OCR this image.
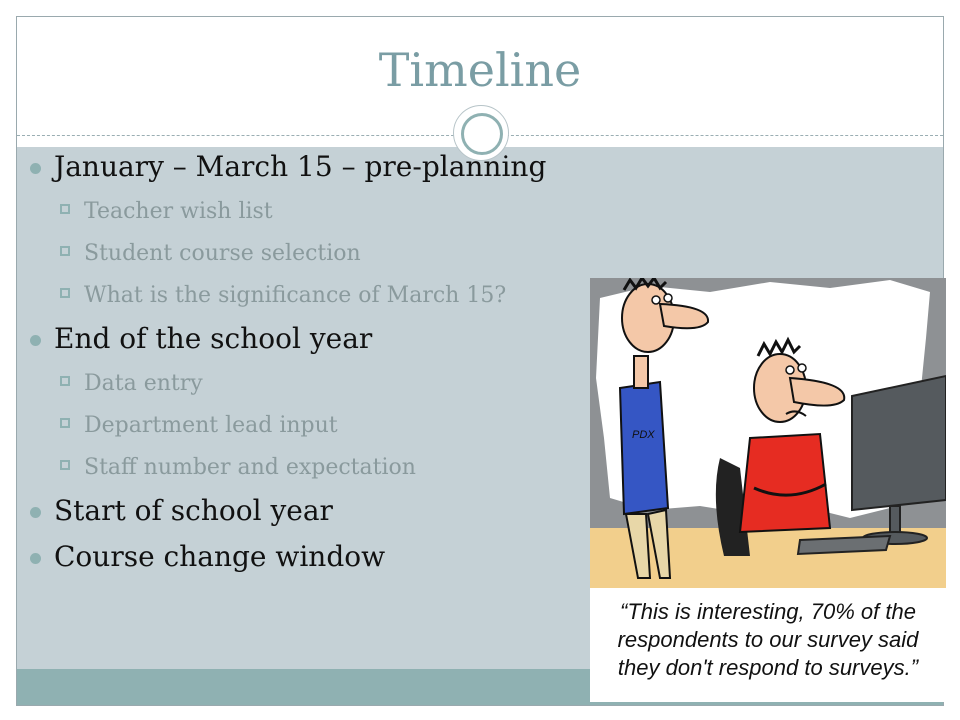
Timeline
January – March 15 – pre-planning
Teacher wish list
Student course selection
What is the significance of March 15?
End of the school year
Data entry
Department lead input
Staff number and expectation
Start of school year
Course change window
PDX
“This is interesting, 70% of the
respondents to our survey said
they don't respond to surveys.”
